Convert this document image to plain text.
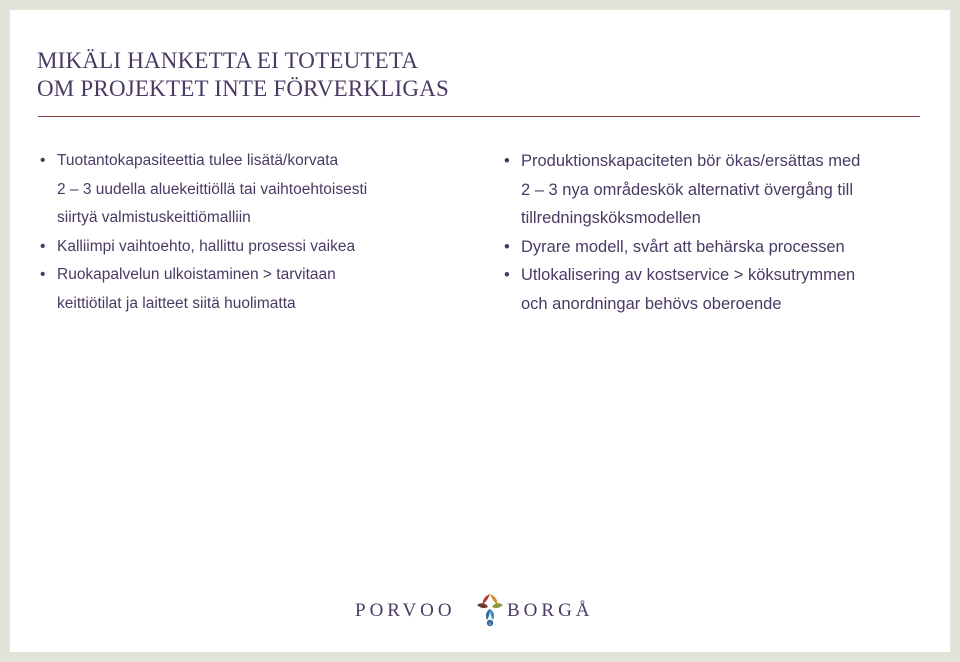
MIKÄLI HANKETTA EI TOTEUTETA
OM PROJEKTET INTE FÖRVERKLIGAS
• Tuotantokapasiteettia tulee lisätä/korvata
2 – 3 uudella aluekeittiöllä tai vaihtoehtoisesti
siirtyä valmistuskeittiömalliin
• Kalliimpi vaihtoehto, hallittu prosessi vaikea
• Ruokapalvelun ulkoistaminen > tarvitaan
keittiötilat ja laitteet siitä huolimatta
• Produktionskapaciteten bör ökas/ersättas med
2 – 3 nya områdeskök alternativt övergång till
tillredningsköksmodellen
• Dyrare modell, svårt att behärska processen
• Utlokalisering av kostservice > köksutrymmen
och anordningar behövs oberoende
PORVOO
c
BORGÅ
